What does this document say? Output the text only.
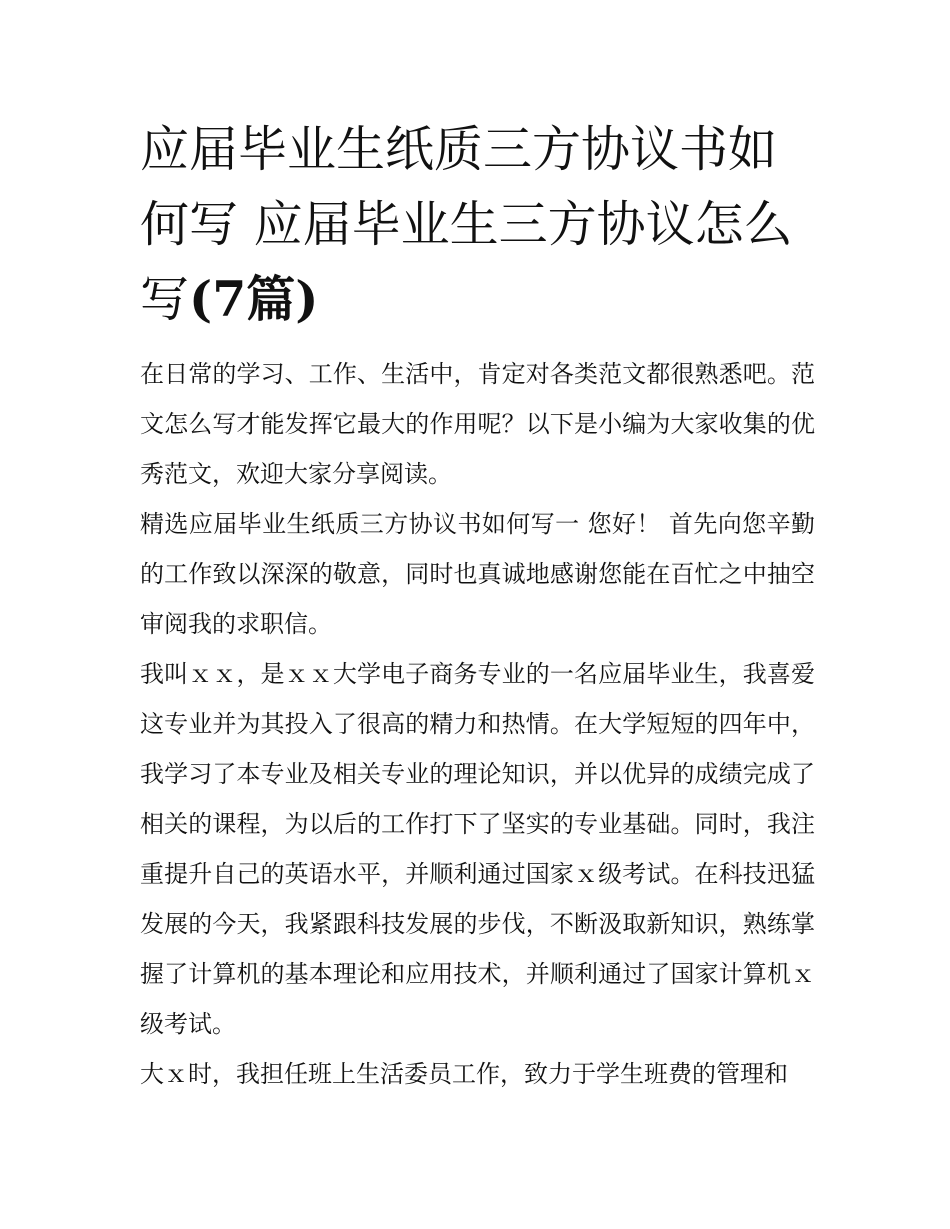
应届毕业生纸质三方协议书如何写 应届毕业生三方协议怎么写(7篇)

在日常的学习、工作、生活中，肯定对各类范文都很熟悉吧。范文怎么写才能发挥它最大的作用呢？以下是小编为大家收集的优秀范文，欢迎大家分享阅读。

精选应届毕业生纸质三方协议书如何写一 您好！ 首先向您辛勤的工作致以深深的敬意，同时也真诚地感谢您能在百忙之中抽空审阅我的求职信。

我叫ｘｘ，是ｘｘ大学电子商务专业的一名应届毕业生，我喜爱这专业并为其投入了很高的精力和热情。在大学短短的四年中，我学习了本专业及相关专业的理论知识，并以优异的成绩完成了相关的课程，为以后的工作打下了坚实的专业基础。同时，我注重提升自己的英语水平，并顺利通过国家ｘ级考试。在科技迅猛发展的今天，我紧跟科技发展的步伐，不断汲取新知识，熟练掌握了计算机的基本理论和应用技术，并顺利通过了国家计算机ｘ级考试。

大ｘ时，我担任班上生活委员工作，致力于学生班费的管理和
